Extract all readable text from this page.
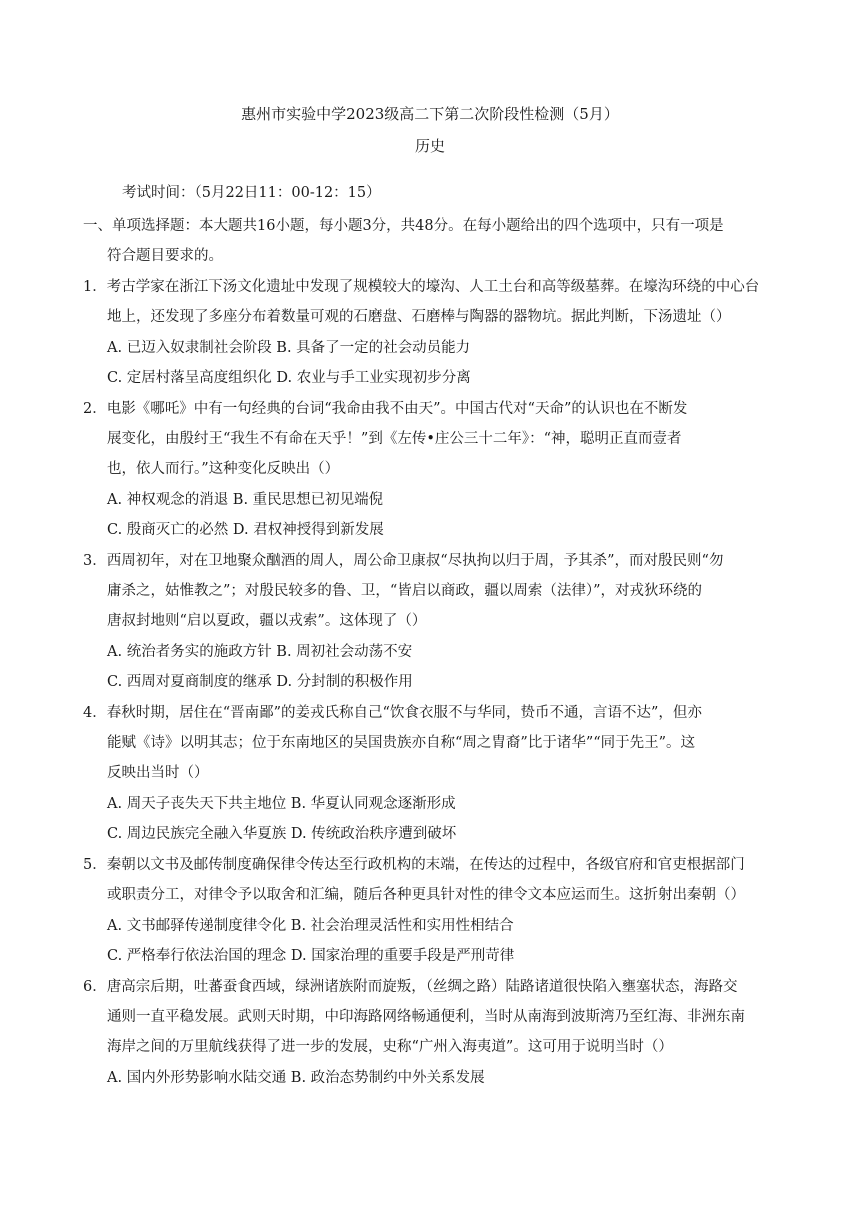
惠州市实验中学2023级高二下第二次阶段性检测（5月）
历史
考试时间：（5月22日11：00-12：15）
一、单项选择题：本大题共16小题，每小题3分，共48分。在每小题给出的四个选项中，只有一项是
符合题目要求的。
1．考古学家在浙江下汤文化遗址中发现了规模较大的壕沟、人工土台和高等级墓葬。在壕沟环绕的中心台
地上，还发现了多座分布着数量可观的石磨盘、石磨棒与陶器的器物坑。据此判断，下汤遗址（）
A. 已迈入奴隶制社会阶段 B. 具备了一定的社会动员能力
C. 定居村落呈高度组织化 D. 农业与手工业实现初步分离
2．电影《哪吒》中有一句经典的台词“我命由我不由天”。中国古代对“天命”的认识也在不断发
展变化，由殷纣王“我生不有命在天乎！”到《左传•庄公三十二年》：“神，聪明正直而壹者
也，依人而行。”这种变化反映出（）
A. 神权观念的消退 B. 重民思想已初见端倪
C. 殷商灭亡的必然 D. 君权神授得到新发展
3．西周初年，对在卫地聚众酗酒的周人，周公命卫康叔“尽执拘以归于周，予其杀”，而对殷民则“勿
庸杀之，姑惟教之”；对殷民较多的鲁、卫，“皆启以商政，疆以周索（法律）”，对戎狄环绕的
唐叔封地则“启以夏政，疆以戎索”。这体现了（）
A. 统治者务实的施政方针 B. 周初社会动荡不安
C. 西周对夏商制度的继承 D. 分封制的积极作用
4．春秋时期，居住在“晋南鄙”的姜戎氏称自己“饮食衣服不与华同，贽币不通，言语不达”，但亦
能赋《诗》以明其志；位于东南地区的吴国贵族亦自称“周之胄裔”比于诸华”“同于先王”。这
反映出当时（）
A. 周天子丧失天下共主地位 B. 华夏认同观念逐渐形成
C. 周边民族完全融入华夏族 D. 传统政治秩序遭到破坏
5．秦朝以文书及邮传制度确保律令传达至行政机构的末端，在传达的过程中，各级官府和官吏根据部门
或职责分工，对律令予以取舍和汇编，随后各种更具针对性的律令文本应运而生。这折射出秦朝（）
A. 文书邮驿传递制度律令化 B. 社会治理灵活性和实用性相结合
C. 严格奉行依法治国的理念 D. 国家治理的重要手段是严刑苛律
6．唐高宗后期，吐蕃蚕食西域，绿洲诸族附而旋叛，（丝绸之路）陆路诸道很快陷入壅塞状态，海路交
通则一直平稳发展。武则天时期，中印海路网络畅通便利，当时从南海到波斯湾乃至红海、非洲东南
海岸之间的万里航线获得了进一步的发展，史称“广州入海夷道”。这可用于说明当时（）
A. 国内外形势影响水陆交通 B. 政治态势制约中外关系发展
